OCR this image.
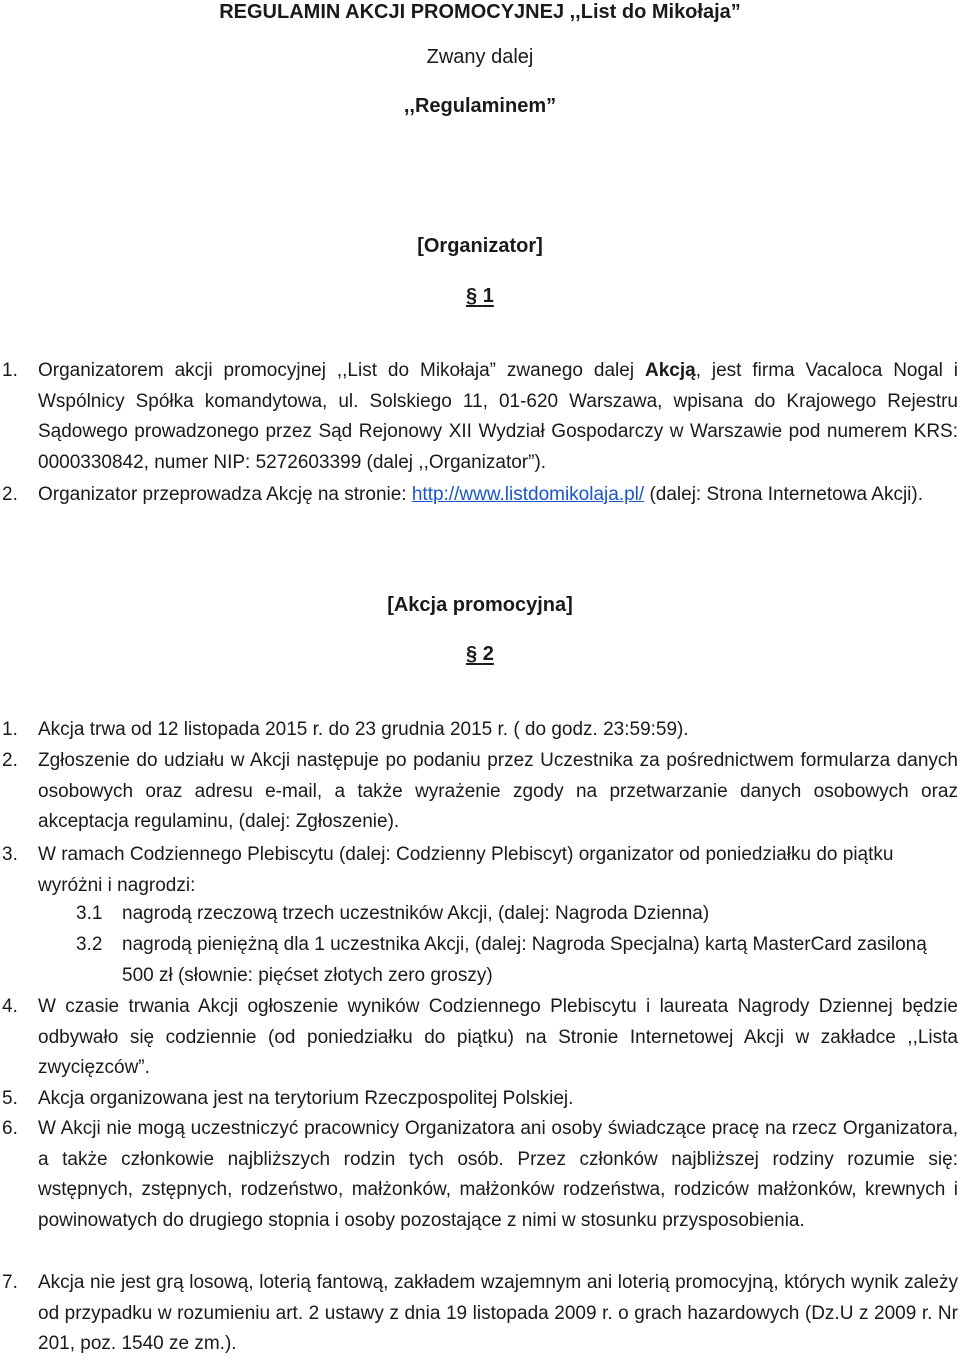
REGULAMIN AKCJI PROMOCYJNEJ ,,List do Mikołaja”
Zwany dalej
,,Regulaminem”
[Organizator]
§ 1
1. Organizatorem akcji promocyjnej ,,List do Mikołaja” zwanego dalej Akcją, jest firma Vacaloca Nogal i Wspólnicy Spółka komandytowa, ul. Solskiego 11, 01-620 Warszawa, wpisana do Krajowego Rejestru Sądowego prowadzonego przez Sąd Rejonowy XII Wydział Gospodarczy w Warszawie pod numerem KRS: 0000330842, numer NIP: 5272603399 (dalej ,,Organizator”).
2. Organizator przeprowadza Akcję na stronie: http://www.listdomikolaja.pl/ (dalej: Strona Internetowa Akcji).
[Akcja promocyjna]
§ 2
1. Akcja trwa od 12 listopada 2015 r. do 23 grudnia 2015 r. ( do godz. 23:59:59).
2. Zgłoszenie do udziału w Akcji następuje po podaniu przez Uczestnika za pośrednictwem formularza danych osobowych oraz adresu e-mail, a także wyrażenie zgody na przetwarzanie danych osobowych oraz akceptacja regulaminu, (dalej: Zgłoszenie).
3. W ramach Codziennego Plebiscytu (dalej: Codzienny Plebiscyt) organizator od poniedziałku do piątku wyróżni i nagrodzi:
3.1 nagrodą rzeczową trzech uczestników Akcji, (dalej: Nagroda Dzienna)
3.2 nagrodą pieniężną dla 1 uczestnika Akcji, (dalej: Nagroda Specjalna) kartą MasterCard zasiloną 500 zł (słownie: pięćset złotych zero groszy)
4. W czasie trwania Akcji ogłoszenie wyników Codziennego Plebiscytu i laureata Nagrody Dziennej będzie odbywało się codziennie (od poniedziałku do piątku) na Stronie Internetowej Akcji w zakładce ,,Lista zwycięzców”.
5. Akcja organizowana jest na terytorium Rzeczpospolitej Polskiej.
6. W Akcji nie mogą uczestniczyć pracownicy Organizatora ani osoby świadczące pracę na rzecz Organizatora, a także członkowie najbliższych rodzin tych osób. Przez członków najbliższej rodziny rozumie się: wstępnych, zstępnych, rodzeństwo, małżonków, małżonków rodzeństwa, rodziców małżonków, krewnych i powinowatych do drugiego stopnia i osoby pozostające z nimi w stosunku przysposobienia.
7. Akcja nie jest grą losową, loterią fantową, zakładem wzajemnym ani loterią promocyjną, których wynik zależy od przypadku w rozumieniu art. 2 ustawy z dnia 19 listopada 2009 r. o grach hazardowych (Dz.U z 2009 r. Nr 201, poz. 1540 ze zm.).
